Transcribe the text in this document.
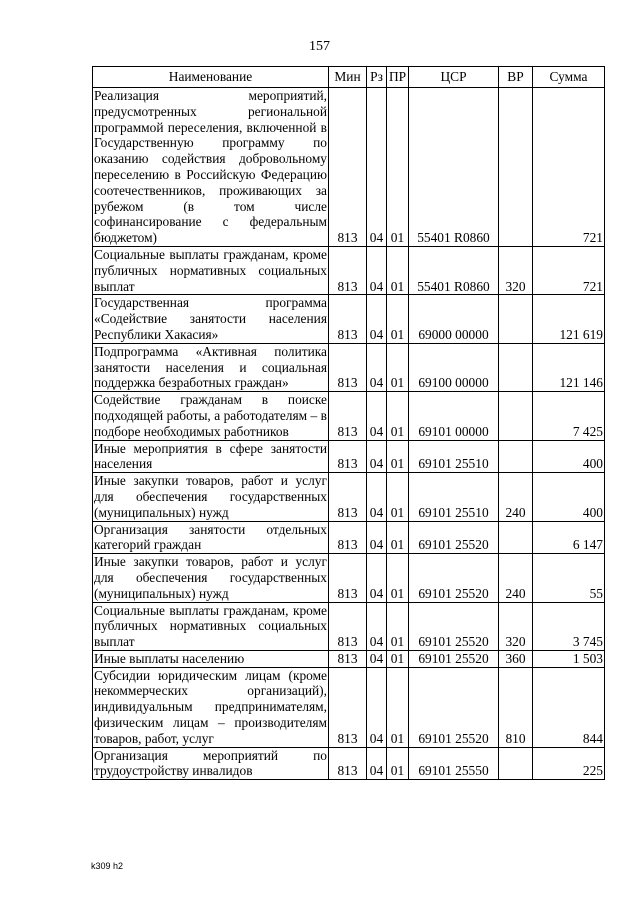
157
Наименование	Мин	Рз	ПР	ЦСР	ВР	Сумма
Реализация мероприятий, предусмотренных региональной программой переселения, включенной в Государственную программу по оказанию содействия добровольному переселению в Российскую Федерацию соотечественников, проживающих за рубежом (в том числе софинансирование с федеральным бюджетом)	813	04	01	55401 R0860		721
Социальные выплаты гражданам, кроме публичных нормативных социальных выплат	813	04	01	55401 R0860	320	721
Государственная программа «Содействие занятости населения Республики Хакасия»	813	04	01	69000 00000		121 619
Подпрограмма «Активная политика занятости населения и социальная поддержка безработных граждан»	813	04	01	69100 00000		121 146
Содействие гражданам в поиске подходящей работы, а работодателям – в подборе необходимых работников	813	04	01	69101 00000		7 425
Иные мероприятия в сфере занятости населения	813	04	01	69101 25510		400
Иные закупки товаров, работ и услуг для обеспечения государственных (муниципальных) нужд	813	04	01	69101 25510	240	400
Организация занятости отдельных категорий граждан	813	04	01	69101 25520		6 147
Иные закупки товаров, работ и услуг для обеспечения государственных (муниципальных) нужд	813	04	01	69101 25520	240	55
Социальные выплаты гражданам, кроме публичных нормативных социальных выплат	813	04	01	69101 25520	320	3 745
Иные выплаты населению	813	04	01	69101 25520	360	1 503
Субсидии юридическим лицам (кроме некоммерческих организаций), индивидуальным предпринимателям, физическим лицам – производителям товаров, работ, услуг	813	04	01	69101 25520	810	844
Организация мероприятий по трудоустройству инвалидов	813	04	01	69101 25550		225
k309 h2
